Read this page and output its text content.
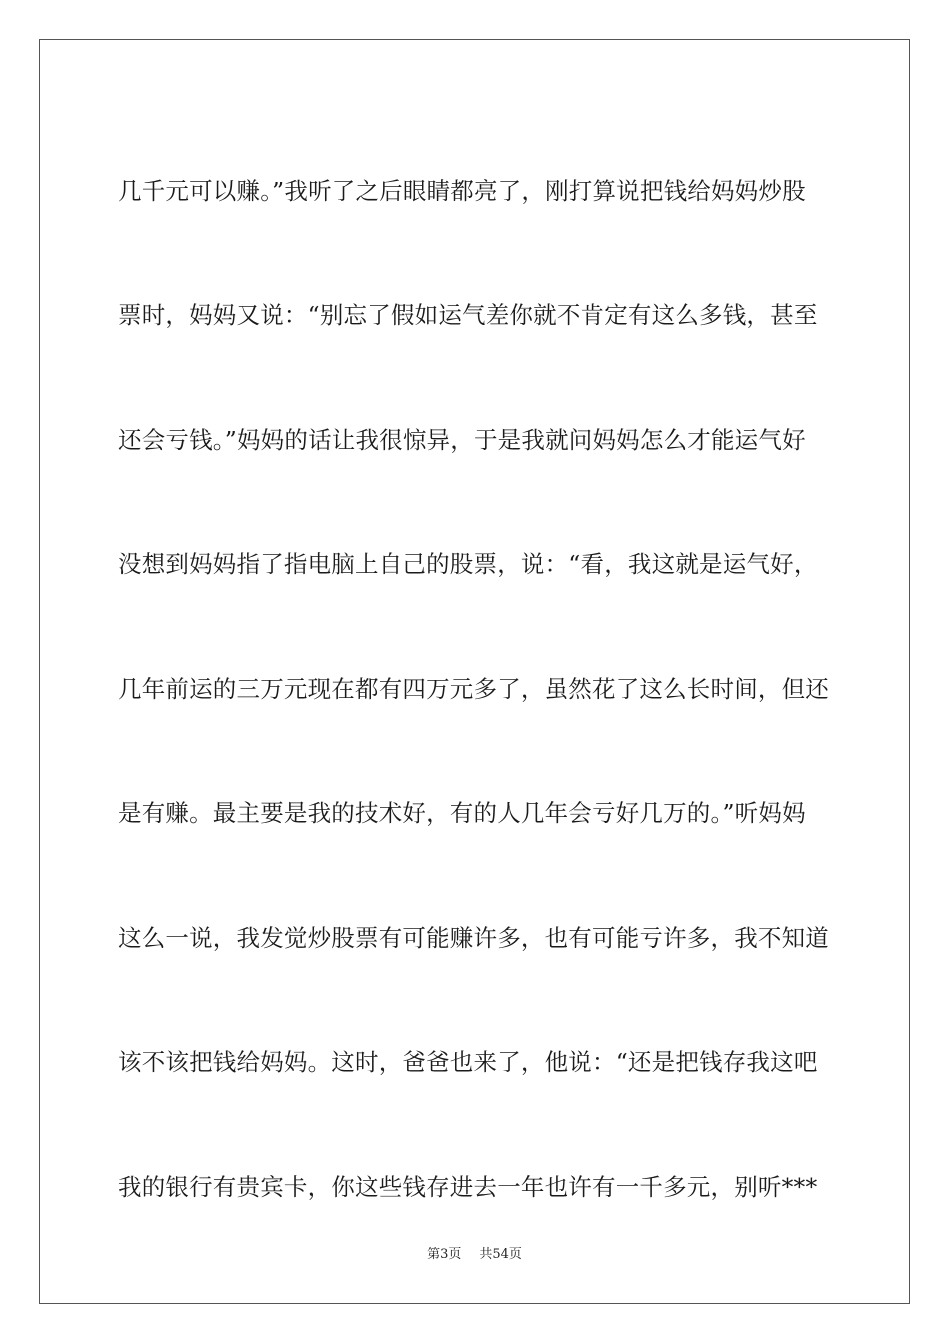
几千元可以赚。”我听了之后眼睛都亮了，刚打算说把钱给妈妈炒股
票时，妈妈又说：“别忘了假如运气差你就不肯定有这么多钱，甚至
还会亏钱。”妈妈的话让我很惊异，于是我就问妈妈怎么才能运气好
没想到妈妈指了指电脑上自己的股票，说：“看，我这就是运气好，
几年前运的三万元现在都有四万元多了，虽然花了这么长时间，但还
是有赚。最主要是我的技术好，有的人几年会亏好几万的。”听妈妈
这么一说，我发觉炒股票有可能赚许多，也有可能亏许多，我不知道
该不该把钱给妈妈。这时，爸爸也来了，他说：“还是把钱存我这吧
我的银行有贵宾卡，你这些钱存进去一年也许有一千多元，别听***
第3页 共54页
